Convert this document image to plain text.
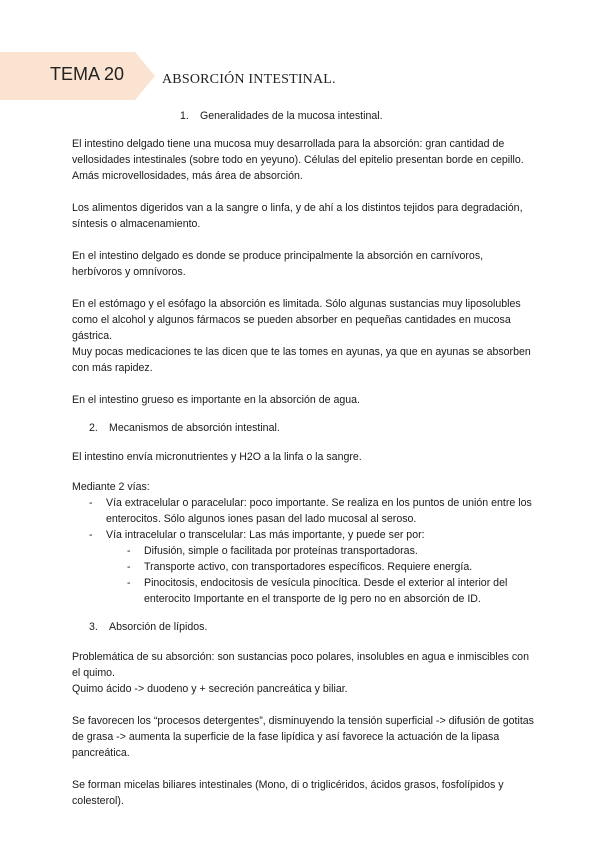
TEMA 20	ABSORCIÓN INTESTINAL.
1. Generalidades de la mucosa intestinal.

El intestino delgado tiene una mucosa muy desarrollada para la absorción: gran cantidad de vellosidades intestinales (sobre todo en yeyuno). Células del epitelio presentan borde en cepillo. Amás microvellosidades, más área de absorción.

Los alimentos digeridos van a la sangre o linfa, y de ahí a los distintos tejidos para degradación, síntesis o almacenamiento.

En el intestino delgado es donde se produce principalmente la absorción en carnívoros, herbívoros y omnívoros.

En el estómago y el esófago la absorción es limitada. Sólo algunas sustancias muy liposolubles como el alcohol y algunos fármacos se pueden absorber en pequeñas cantidades en mucosa gástrica.

Muy pocas medicaciones te las dicen que te las tomes en ayunas, ya que en ayunas se absorben con más rapidez.

En el intestino grueso es importante en la absorción de agua.

2. Mecanismos de absorción intestinal.

El intestino envía micronutrientes y H2O a la linfa o la sangre.

Mediante 2 vías:

- Vía extracelular o paracelular: poco importante. Se realiza en los puntos de unión entre los enterocitos. Sólo algunos iones pasan del lado mucosal al seroso.
- Vía intracelular o transcelular: Las más importante, y puede ser por:
- Difusión, simple o facilitada por proteínas transportadoras.
- Transporte activo, con transportadores específicos. Requiere energía.
- Pinocitosis, endocitosis de vesícula pinocítica. Desde el exterior al interior del enterocito Importante en el transporte de Ig pero no en absorción de ID.
3. Absorción de lípidos.

Problemática de su absorción: son sustancias poco polares, insolubles en agua e inmiscibles con el quimo.

Quimo ácido -> duodeno y + secreción pancreática y biliar.

Se favorecen los “procesos detergentes”, disminuyendo la tensión superficial -> difusión de gotitas de grasa -> aumenta la superficie de la fase lipídica y así favorece la actuación de la lipasa pancreática.

Se forman micelas biliares intestinales (Mono, di o triglicéridos, ácidos grasos, fosfolípidos y colesterol).
